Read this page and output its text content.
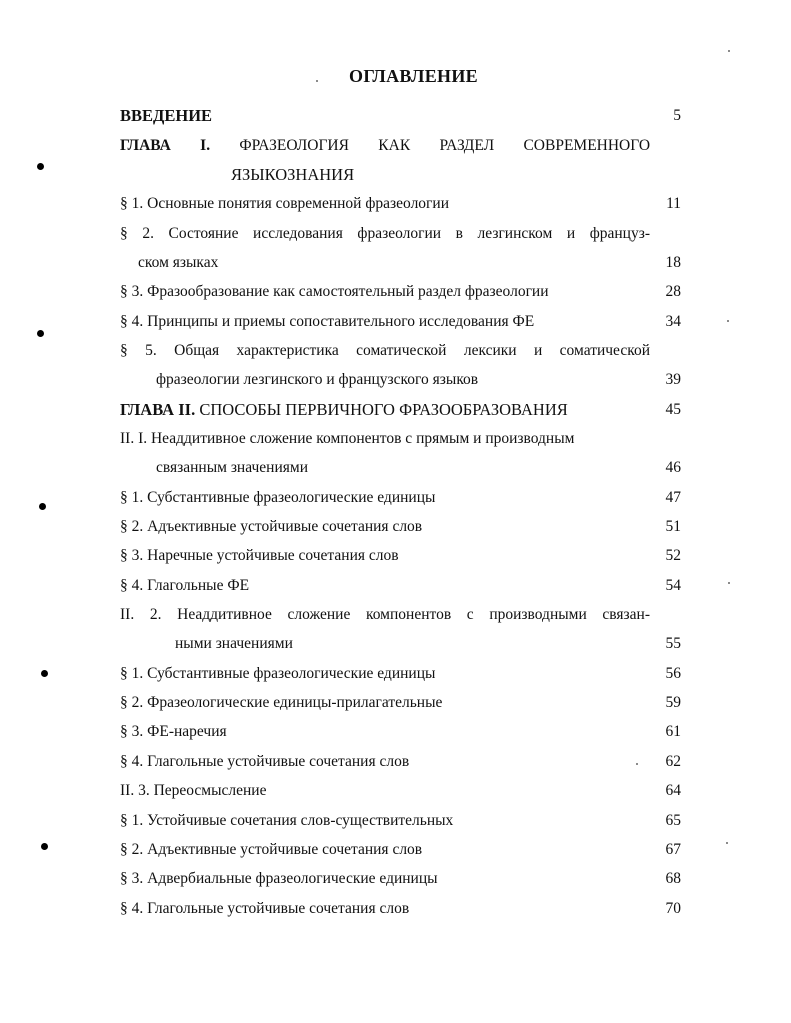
ОГЛАВЛЕНИЕ
ВВЕДЕНИЕ	5
ГЛАВА I. ФРАЗЕОЛОГИЯ КАК РАЗДЕЛ СОВРЕМЕННОГО
ЯЗЫКОЗНАНИЯ
§ 1. Основные понятия современной фразеологии	11
§ 2. Состояние исследования фразеологии в лезгинском и француз-
ском языках	18
§ 3. Фразообразование как самостоятельный раздел фразеологии	28
§ 4. Принципы и приемы сопоставительного исследования ФЕ	34
§ 5. Общая характеристика соматической лексики и соматической
фразеологии лезгинского и французского языков	39
ГЛАВА II. СПОСОБЫ ПЕРВИЧНОГО ФРАЗООБРАЗОВАНИЯ	45
II. I. Неаддитивное сложение компонентов с прямым и производным
связанным значениями	46
§ 1. Субстантивные фразеологические единицы	47
§ 2. Адъективные устойчивые сочетания слов	51
§ 3. Наречные устойчивые сочетания слов	52
§ 4. Глагольные ФЕ	54
II. 2. Неаддитивное сложение компонентов с производными связан-
ными значениями	55
§ 1. Субстантивные фразеологические единицы	56
§ 2. Фразеологические единицы-прилагательные	59
§ 3. ФЕ-наречия	61
§ 4. Глагольные устойчивые сочетания слов	62
II. 3. Переосмысление	64
§ 1. Устойчивые сочетания слов-существительных	65
§ 2. Адъективные устойчивые сочетания слов	67
§ 3. Адвербиальные фразеологические единицы	68
§ 4. Глагольные устойчивые сочетания слов	70
